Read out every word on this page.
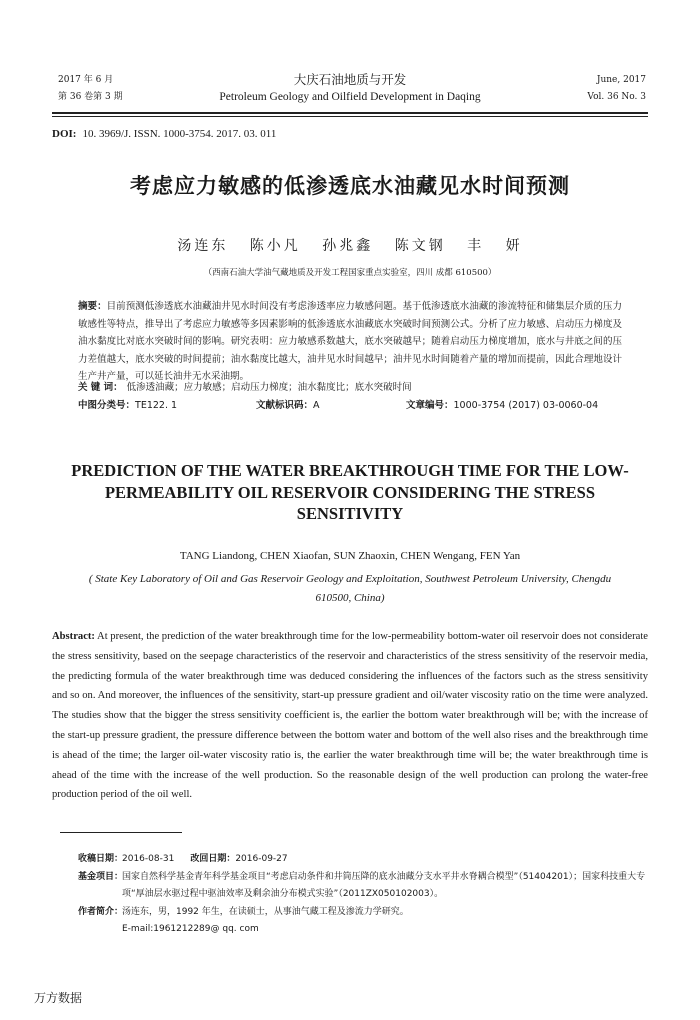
2017 年 6 月
第 36 卷第 3 期
大庆石油地质与开发
Petroleum Geology and Oilfield Development in Daqing
June, 2017
Vol. 36 No. 3
DOI: 10. 3969/J. ISSN. 1000-3754. 2017. 03. 011
考虑应力敏感的低渗透底水油藏见水时间预测
汤连东 陈小凡 孙兆鑫 陈文钢 丰 妍
（西南石油大学油气藏地质及开发工程国家重点实验室，四川 成都 610500）
摘要：目前预测低渗透底水油藏油井见水时间没有考虑渗透率应力敏感问题。基于低渗透底水油藏的渗流特征和储集层介质的压力敏感性等特点，推导出了考虑应力敏感等多因素影响的低渗透底水油藏底水突破时间预测公式。分析了应力敏感、启动压力梯度及油水黏度比对底水突破时间的影响。研究表明：应力敏感系数越大，底水突破越早；随着启动压力梯度增加，底水与井底之间的压力差值越大，底水突破的时间提前；油水黏度比越大，油井见水时间越早；油井见水时间随着产量的增加而提前，因此合理地设计生产井产量，可以延长油井无水采油期。
关 键 词： 低渗透油藏；应力敏感；启动压力梯度；油水黏度比；底水突破时间
中图分类号：TE122. 1	文献标识码：A	文章编号：1000-3754 (2017) 03-0060-04
PREDICTION OF THE WATER BREAKTHROUGH TIME FOR THE LOW-PERMEABILITY OIL RESERVOIR CONSIDERING THE STRESS SENSITIVITY
TANG Liandong, CHEN Xiaofan, SUN Zhaoxin, CHEN Wengang, FEN Yan
( State Key Laboratory of Oil and Gas Reservoir Geology and Exploitation, Southwest Petroleum University, Chengdu 610500, China)
Abstract: At present, the prediction of the water breakthrough time for the low-permeability bottom-water oil reservoir does not considerate the stress sensitivity, based on the seepage characteristics of the reservoir and characteristics of the stress sensitivity of the reservoir media, the predicting formula of the water breakthrough time was deduced considering the influences of the factors such as the stress sensitivity and so on. And moreover, the influences of the sensitivity, start-up pressure gradient and oil/water viscosity ratio on the time were analyzed. The studies show that the bigger the stress sensitivity coefficient is, the earlier the bottom water breakthrough will be; with the increase of the start-up pressure gradient, the pressure difference between the bottom water and bottom of the well also rises and the breakthrough time is ahead of the time; the larger oil-water viscosity ratio is, the earlier the water breakthrough time will be; the water breakthrough time is ahead of the time with the increase of the well production. So the reasonable design of the well production can prolong the water-free production period of the oil well.
收稿日期：
2016-08-31 改回日期：2016-09-27
基金项目：
国家自然科学基金青年科学基金项目“考虑启动条件和井筒压降的底水油藏分支水平井水脊耦合模型”（51404201）；国家科技重大专项“厚油层水驱过程中驱油效率及剩余油分布模式实验”（2011ZX050102003）。
作者简介：
汤连东，男，1992 年生，在读硕士，从事油气藏工程及渗流力学研究。
E-mail:1961212289@ qq. com
万方数据
